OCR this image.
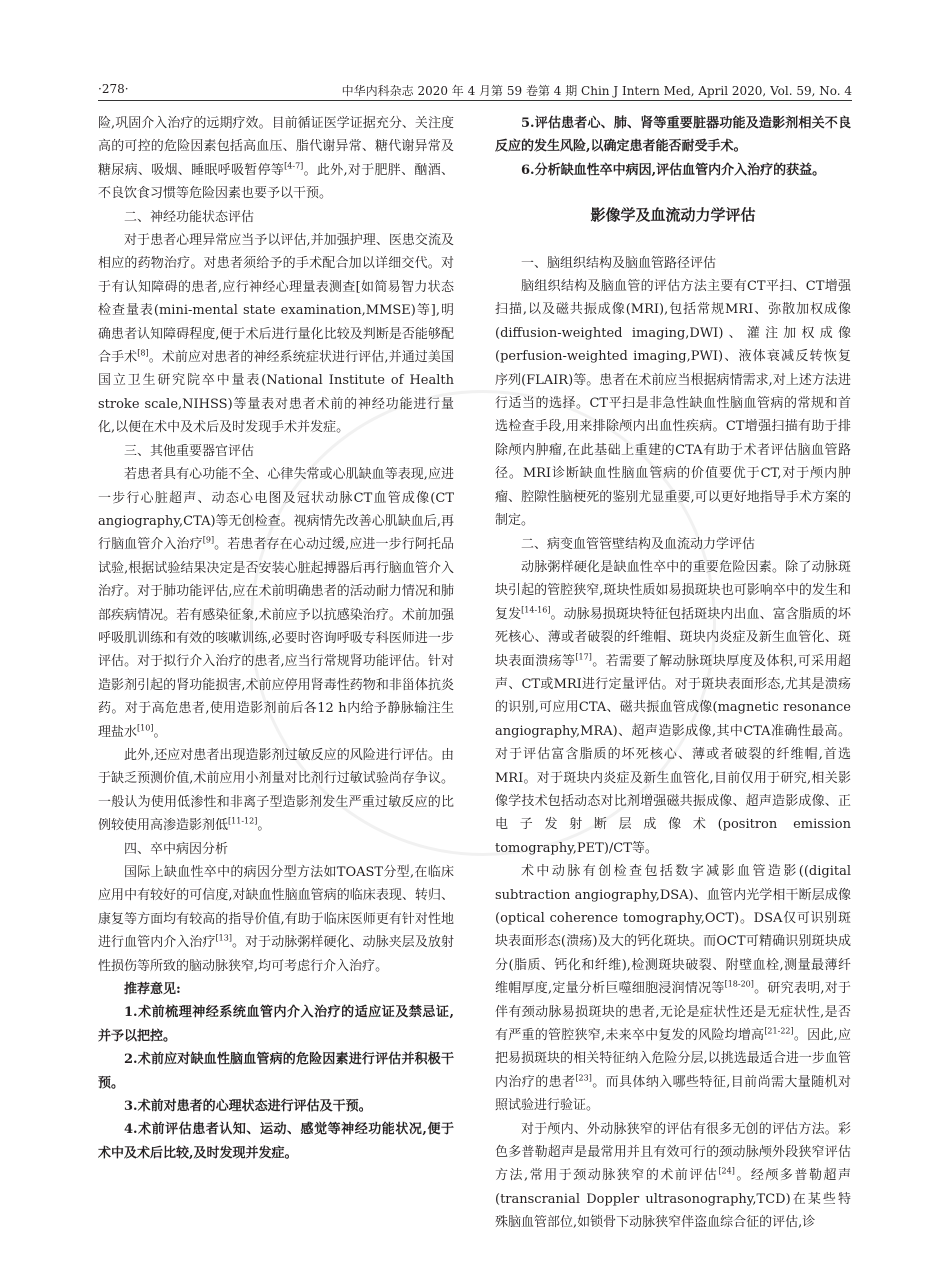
·278·	中华内科杂志 2020 年 4 月第 59 卷第 4 期 Chin J Intern Med, April 2020, Vol. 59, No. 4

险,巩固介入治疗的远期疗效。目前循证医学证据充分、关注度高的可控的危险因素包括高血压、脂代谢异常、糖代谢异常及糖尿病、吸烟、睡眠呼吸暂停等[4-7]。此外,对于肥胖、酗酒、不良饮食习惯等危险因素也要予以干预。

二、神经功能状态评估

对于患者心理异常应当予以评估,并加强护理、医患交流及相应的药物治疗。对患者须给予的手术配合加以详细交代。对于有认知障碍的患者,应行神经心理量表测查[如简易智力状态检查量表(mini-mental state examination,MMSE)等],明确患者认知障碍程度,便于术后进行量化比较及判断是否能够配合手术[8]。术前应对患者的神经系统症状进行评估,并通过美国国立卫生研究院卒中量表(National Institute of Health stroke scale,NIHSS)等量表对患者术前的神经功能进行量化,以便在术中及术后及时发现手术并发症。

三、其他重要器官评估

若患者具有心功能不全、心律失常或心肌缺血等表现,应进一步行心脏超声、动态心电图及冠状动脉CT血管成像(CT angiography,CTA)等无创检查。视病情先改善心肌缺血后,再行脑血管介入治疗[9]。若患者存在心动过缓,应进一步行阿托品试验,根据试验结果决定是否安装心脏起搏器后再行脑血管介入治疗。对于肺功能评估,应在术前明确患者的活动耐力情况和肺部疾病情况。若有感染征象,术前应予以抗感染治疗。术前加强呼吸肌训练和有效的咳嗽训练,必要时咨询呼吸专科医师进一步评估。对于拟行介入治疗的患者,应当行常规肾功能评估。针对造影剂引起的肾功能损害,术前应停用肾毒性药物和非甾体抗炎药。对于高危患者,使用造影剂前后各12 h内给予静脉输注生理盐水[10]。

此外,还应对患者出现造影剂过敏反应的风险进行评估。由于缺乏预测价值,术前应用小剂量对比剂行过敏试验尚存争议。一般认为使用低渗性和非离子型造影剂发生严重过敏反应的比例较使用高渗造影剂低[11-12]。

四、卒中病因分析

国际上缺血性卒中的病因分型方法如TOAST分型,在临床应用中有较好的可信度,对缺血性脑血管病的临床表现、转归、康复等方面均有较高的指导价值,有助于临床医师更有针对性地进行血管内介入治疗[13]。对于动脉粥样硬化、动脉夹层及放射性损伤等所致的脑动脉狭窄,均可考虑行介入治疗。

推荐意见:

1.术前梳理神经系统血管内介入治疗的适应证及禁忌证,并予以把控。

2.术前应对缺血性脑血管病的危险因素进行评估并积极干预。

3.术前对患者的心理状态进行评估及干预。

4.术前评估患者认知、运动、感觉等神经功能状况,便于术中及术后比较,及时发现并发症。

5.评估患者心、肺、肾等重要脏器功能及造影剂相关不良反应的发生风险,以确定患者能否耐受手术。

6.分析缺血性卒中病因,评估血管内介入治疗的获益。

影像学及血流动力学评估
一、脑组织结构及脑血管路径评估

脑组织结构及脑血管的评估方法主要有CT平扫、CT增强扫描,以及磁共振成像(MRI),包括常规MRI、弥散加权成像(diffusion-weighted imaging,DWI)、灌注加权成像(perfusion-weighted imaging,PWI)、液体衰减反转恢复序列(FLAIR)等。患者在术前应当根据病情需求,对上述方法进行适当的选择。CT平扫是非急性缺血性脑血管病的常规和首选检查手段,用来排除颅内出血性疾病。CT增强扫描有助于排除颅内肿瘤,在此基础上重建的CTA有助于术者评估脑血管路径。MRI诊断缺血性脑血管病的价值要优于CT,对于颅内肿瘤、腔隙性脑梗死的鉴别尤显重要,可以更好地指导手术方案的制定。

二、病变血管管壁结构及血流动力学评估

动脉粥样硬化是缺血性卒中的重要危险因素。除了动脉斑块引起的管腔狭窄,斑块性质如易损斑块也可影响卒中的发生和复发[14-16]。动脉易损斑块特征包括斑块内出血、富含脂质的坏死核心、薄或者破裂的纤维帽、斑块内炎症及新生血管化、斑块表面溃疡等[17]。若需要了解动脉斑块厚度及体积,可采用超声、CT或MRI进行定量评估。对于斑块表面形态,尤其是溃疡的识别,可应用CTA、磁共振血管成像(magnetic resonance angiography,MRA)、超声造影成像,其中CTA准确性最高。对于评估富含脂质的坏死核心、薄或者破裂的纤维帽,首选MRI。对于斑块内炎症及新生血管化,目前仅用于研究,相关影像学技术包括动态对比剂增强磁共振成像、超声造影成像、正电子发射断层成像术(positron emission tomography,PET)/CT等。

术中动脉有创检查包括数字减影血管造影((digital subtraction angiography,DSA)、血管内光学相干断层成像(optical coherence tomography,OCT)。DSA仅可识别斑块表面形态(溃疡)及大的钙化斑块。而OCT可精确识别斑块成分(脂质、钙化和纤维),检测斑块破裂、附壁血栓,测量最薄纤维帽厚度,定量分析巨噬细胞浸润情况等[18-20]。研究表明,对于伴有颈动脉易损斑块的患者,无论是症状性还是无症状性,是否有严重的管腔狭窄,未来卒中复发的风险均增高[21-22]。因此,应把易损斑块的相关特征纳入危险分层,以挑选最适合进一步血管内治疗的患者[23]。而具体纳入哪些特征,目前尚需大量随机对照试验进行验证。

对于颅内、外动脉狭窄的评估有很多无创的评估方法。彩色多普勒超声是最常用并且有效可行的颈动脉颅外段狭窄评估方法,常用于颈动脉狭窄的术前评估[24]。经颅多普勒超声(transcranial Doppler ultrasonography,TCD)在某些特殊脑血管部位,如锁骨下动脉狭窄伴盗血综合征的评估,诊
